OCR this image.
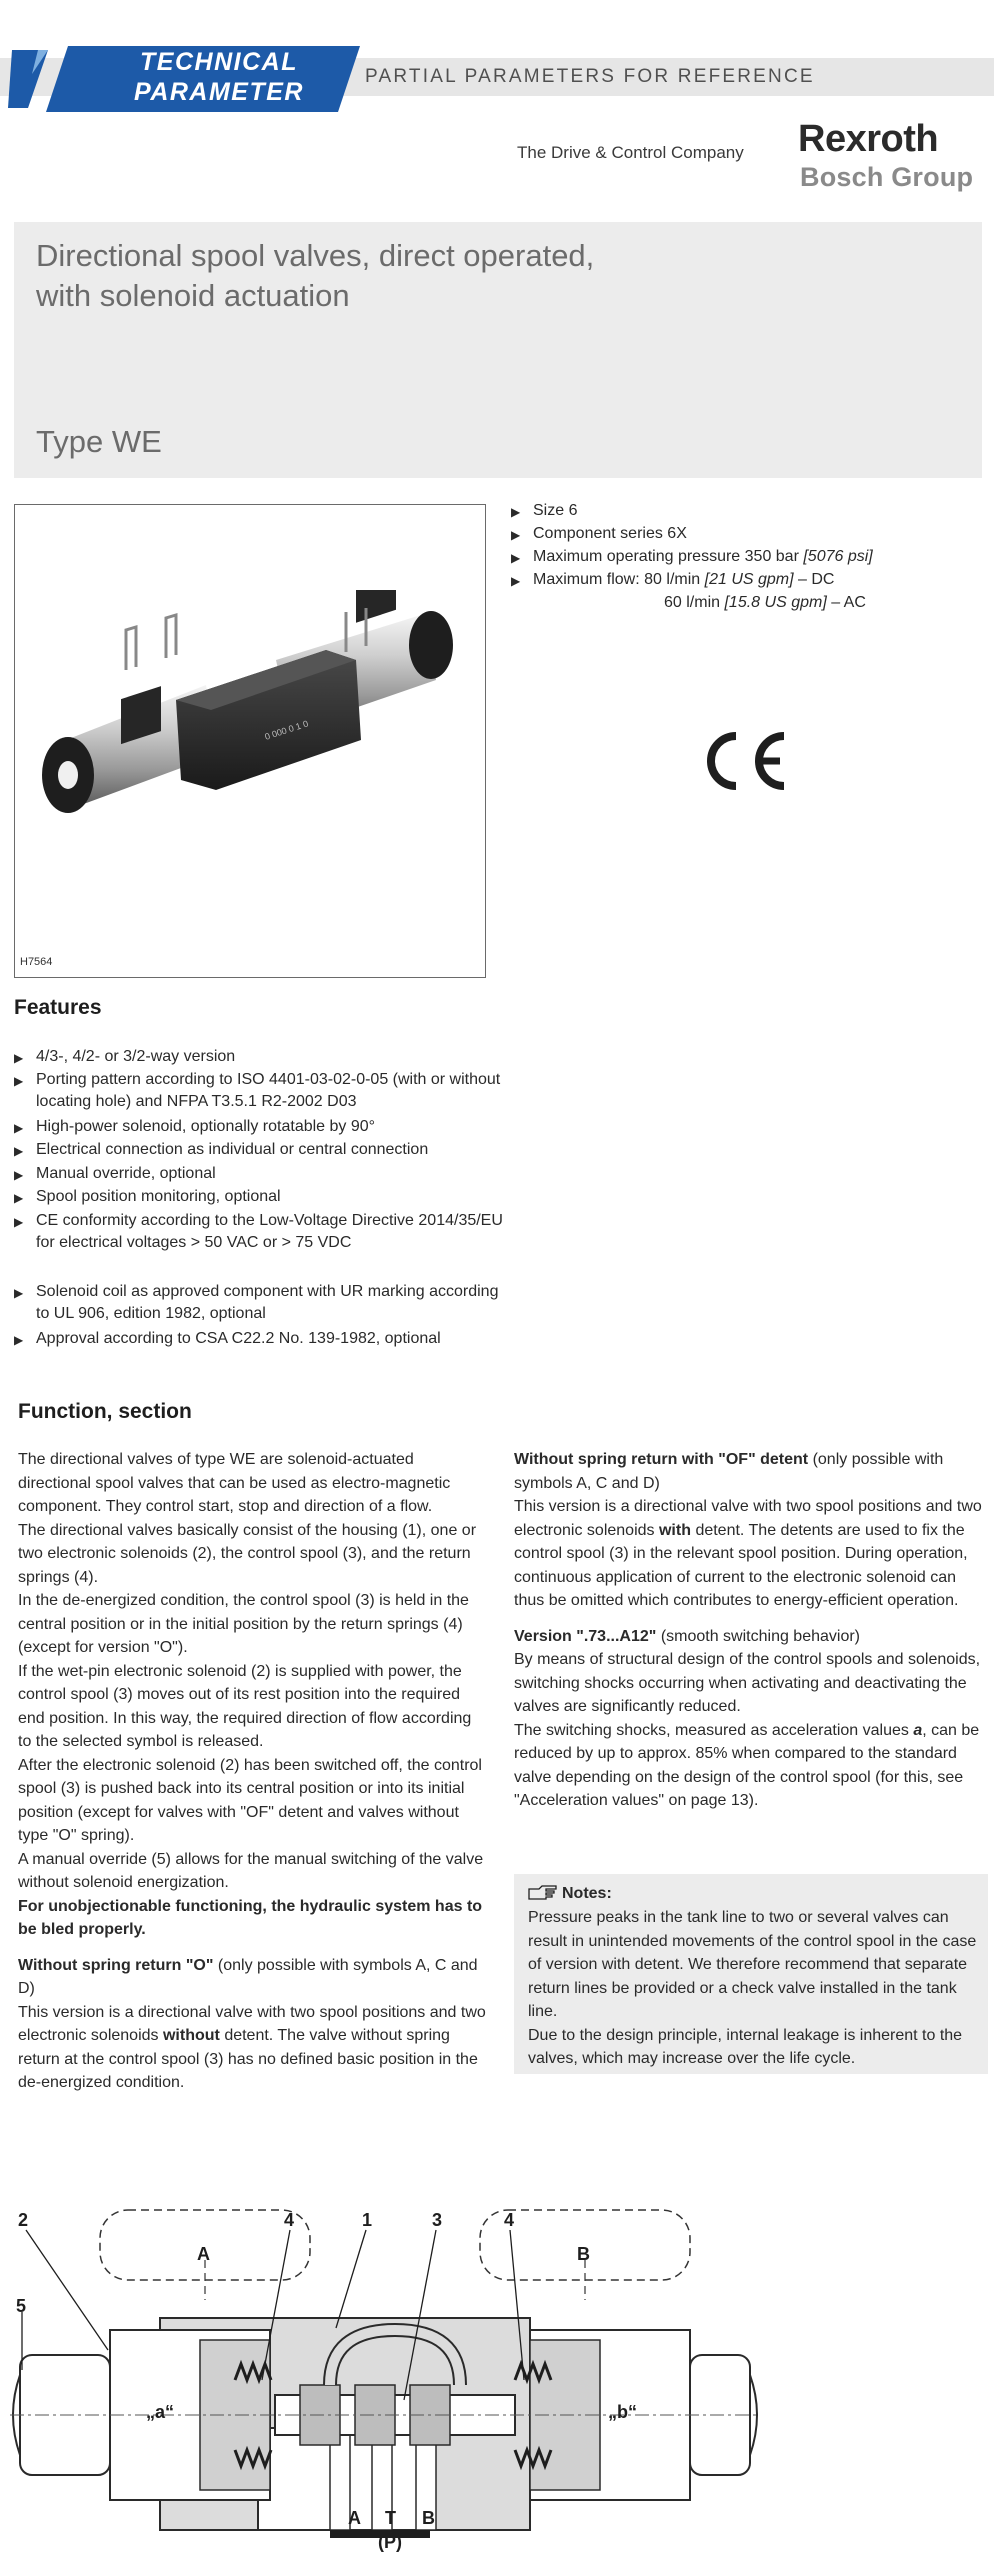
TECHNICAL
PARAMETER
PARTIAL PARAMETERS FOR REFERENCE
The Drive & Control Company Rexroth
Bosch Group
Directional spool valves, direct operated,
with solenoid actuation
Type WE
0 000 0 1 0
H7564
▶ Size 6
▶ Component series 6X
▶ Maximum operating pressure 350 bar [5076 psi]
▶ Maximum flow: 80 l/min [21 US gpm] – DC
60 l/min [15.8 US gpm] – AC
Features
▶ 4/3-, 4/2- or 3/2-way version
▶ Porting pattern according to ISO 4401-03-02-0-05 (with or without locating hole) and NFPA T3.5.1 R2-2002 D03
▶ High-power solenoid, optionally rotatable by 90°
▶ Electrical connection as individual or central connection
▶ Manual override, optional
▶ Spool position monitoring, optional
▶ CE conformity according to the Low-Voltage Directive 2014/35/EU for electrical voltages > 50 VAC or > 75 VDC
▶ Solenoid coil as approved component with UR marking according to UL 906, edition 1982, optional
▶ Approval according to CSA C22.2 No. 139-1982, optional
Function, section

The directional valves of type WE are solenoid-actuated directional spool valves that can be used as electro-magnetic component. They control start, stop and direction of a flow.

The directional valves basically consist of the housing (1), one or two electronic solenoids (2), the control spool (3), and the return springs (4).

In the de-energized condition, the control spool (3) is held in the central position or in the initial position by the return springs (4) (except for version "O").

If the wet-pin electronic solenoid (2) is supplied with power, the control spool (3) moves out of its rest position into the required end position. In this way, the required direction of flow according to the selected symbol is released.

After the electronic solenoid (2) has been switched off, the control spool (3) is pushed back into its central position or into its initial position (except for valves with "OF" detent and valves without type "O" spring).

A manual override (5) allows for the manual switching of the valve without solenoid energization.

For unobjectionable functioning, the hydraulic system has to be bled properly.

Without spring return "O" (only possible with symbols A, C and D)

This version is a directional valve with two spool positions and two electronic solenoids without detent. The valve without spring return at the control spool (3) has no defined basic position in the de-energized condition.

Without spring return with "OF" detent (only possible with symbols A, C and D)

This version is a directional valve with two spool positions and two electronic solenoids with detent. The detents are used to fix the control spool (3) in the relevant spool position. During operation, continuous application of current to the electronic solenoid can thus be omitted which contributes to energy-efficient operation.

Version ".73...A12" (smooth switching behavior)

By means of structural design of the control spools and solenoids, switching shocks occurring when activating and deactivating the valves are significantly reduced.

The switching shocks, measured as acceleration values a, can be reduced by up to approx. 85% when compared to the standard valve depending on the design of the control spool (for this, see "Acceleration values" on page 13).

Notes:
Pressure peaks in the tank line to two or several valves can result in unintended movements of the control spool in the case of version with detent. We therefore recommend that separate return lines be provided or a check valve installed in the tank line.
Due to the design principle, internal leakage is inherent to the valves, which may increase over the life cycle.
2	4	1	3	4
5
A	B
„a“	„b“
A T B
(P)
